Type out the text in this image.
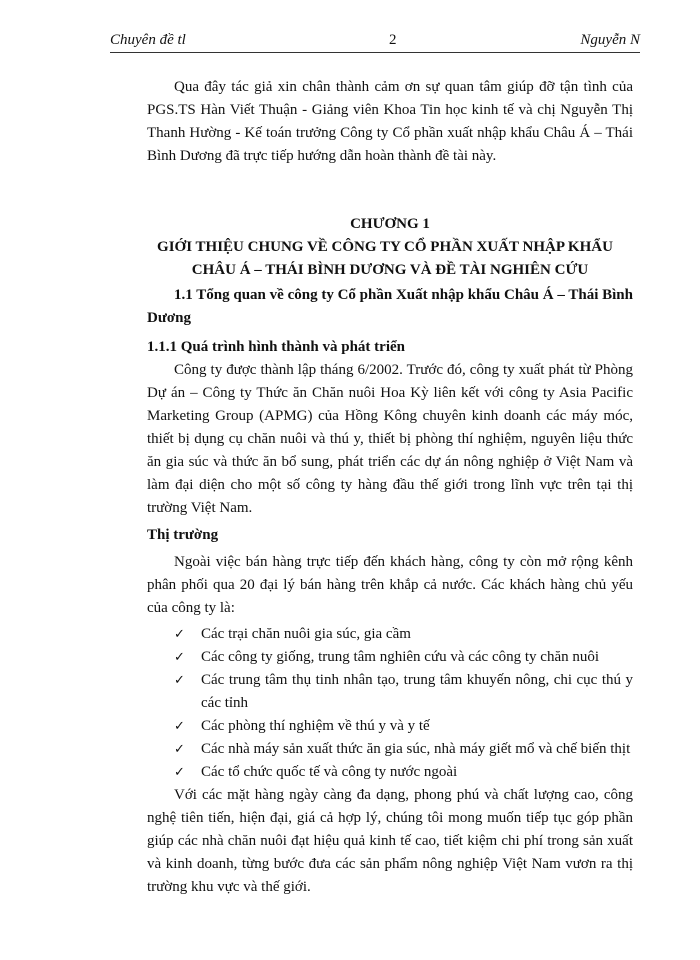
Chuyên đề tl	2	Nguyễn N

Qua đây tác giả xin chân thành cảm ơn sự quan tâm giúp đỡ tận tình của PGS.TS Hàn Viết Thuận - Giảng viên Khoa Tin học kinh tế và chị Nguyễn Thị Thanh Hường - Kế toán trưởng Công ty Cổ phần xuất nhập khẩu Châu Á – Thái Bình Dương đã trực tiếp hướng dẫn hoàn thành đề tài này.

CHƯƠNG 1
GIỚI THIỆU CHUNG VỀ CÔNG TY CỔ PHẦN XUẤT NHẬP KHẨU
CHÂU Á – THÁI BÌNH DƯƠNG VÀ ĐỀ TÀI NGHIÊN CỨU

1.1 Tổng quan về công ty Cổ phần Xuất nhập khẩu Châu Á – Thái Bình Dương

1.1.1 Quá trình hình thành và phát triển

Công ty được thành lập tháng 6/2002. Trước đó, công ty xuất phát từ Phòng Dự án – Công ty Thức ăn Chăn nuôi Hoa Kỳ liên kết với công ty Asia Pacific Marketing Group (APMG) của Hồng Kông chuyên kinh doanh các máy móc, thiết bị dụng cụ chăn nuôi và thú y, thiết bị phòng thí nghiệm, nguyên liệu thức ăn gia súc và thức ăn bổ sung, phát triển các dự án nông nghiệp ở Việt Nam và làm đại diện cho một số công ty hàng đầu thế giới trong lĩnh vực trên tại thị trường Việt Nam.

Thị trường

Ngoài việc bán hàng trực tiếp đến khách hàng, công ty còn mở rộng kênh phân phối qua 20 đại lý bán hàng trên khắp cả nước. Các khách hàng chủ yếu của công ty là:

✓ Các trại chăn nuôi gia súc, gia cầm
✓ Các công ty giống, trung tâm nghiên cứu và các công ty chăn nuôi
✓ Các trung tâm thụ tinh nhân tạo, trung tâm khuyến nông, chi cục thú y các tỉnh
✓ Các phòng thí nghiệm về thú y và y tế
✓ Các nhà máy sản xuất thức ăn gia súc, nhà máy giết mổ và chế biến thịt
✓ Các tổ chức quốc tế và công ty nước ngoài

Với các mặt hàng ngày càng đa dạng, phong phú và chất lượng cao, công nghệ tiên tiến, hiện đại, giá cả hợp lý, chúng tôi mong muốn tiếp tục góp phần giúp các nhà chăn nuôi đạt hiệu quả kinh tế cao, tiết kiệm chi phí trong sản xuất và kinh doanh, từng bước đưa các sản phẩm nông nghiệp Việt Nam vươn ra thị trường khu vực và thế giới.
